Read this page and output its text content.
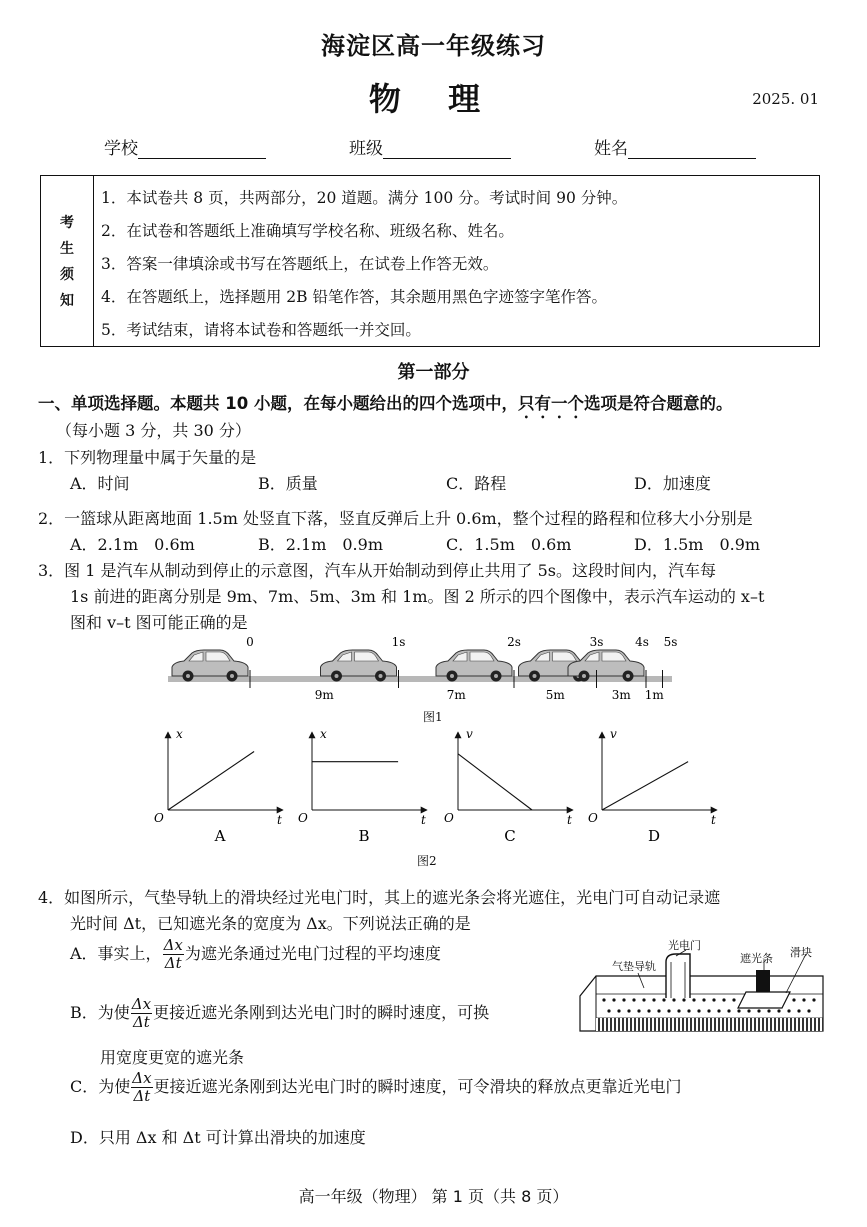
海淀区高一年级练习
物 理	2025. 01
学校	班级	姓名
考
生
须
知
1．本试卷共 8 页，共两部分，20 道题。满分 100 分。考试时间 90 分钟。
2．在试卷和答题纸上准确填写学校名称、班级名称、姓名。
3．答案一律填涂或书写在答题纸上，在试卷上作答无效。
4．在答题纸上，选择题用 2B 铅笔作答，其余题用黑色字迹签字笔作答。
5．考试结束，请将本试卷和答题纸一并交回。
第一部分
一、单项选择题。本题共 10 小题，在每小题给出的四个选项中，只有一个选项是符合题意的。
（每小题 3 分，共 30 分）
1．下列物理量中属于矢量的是
A．时间	B．质量	C．路程	D．加速度
2．一篮球从距离地面 1.5m 处竖直下落，竖直反弹后上升 0.6m，整个过程的路程和位移大小分别是
A．2.1m　0.6m	B．2.1m　0.9m	C．1.5m　0.6m	D．1.5m　0.9m
3．图 1 是汽车从制动到停止的示意图，汽车从开始制动到停止共用了 5s。这段时间内，汽车每
1s 前进的距离分别是 9m、7m、5m、3m 和 1m。图 2 所示的四个图像中，表示汽车运动的 x–t
图和 v–t 图可能正确的是
0	1s	2s	3s	4s 5s
9m	7m	5m	3m 1m
图1
x
t
O
A
x
t
O
B
v
t
O
C
v
t
O
D
图2
4．如图所示，气垫导轨上的滑块经过光电门时，其上的遮光条会将光遮住，光电门可自动记录遮
光时间 Δt，已知遮光条的宽度为 Δx。下列说法正确的是
A．事实上， $\frac{\Delta x}{\Delta t}$ 为遮光条通过光电门过程的平均速度
B．为使 $\frac{\Delta x}{\Delta t}$ 更接近遮光条刚到达光电门时的瞬时速度，可换
用宽度更宽的遮光条
C．为使 $\frac{\Delta x}{\Delta t}$ 更接近遮光条刚到达光电门时的瞬时速度，可令滑块的释放点更靠近光电门
D．只用 Δx 和 Δt 可计算出滑块的加速度
光电门
气垫导轨
遮光条 滑块
高一年级（物理） 第 1 页（共 8 页）
